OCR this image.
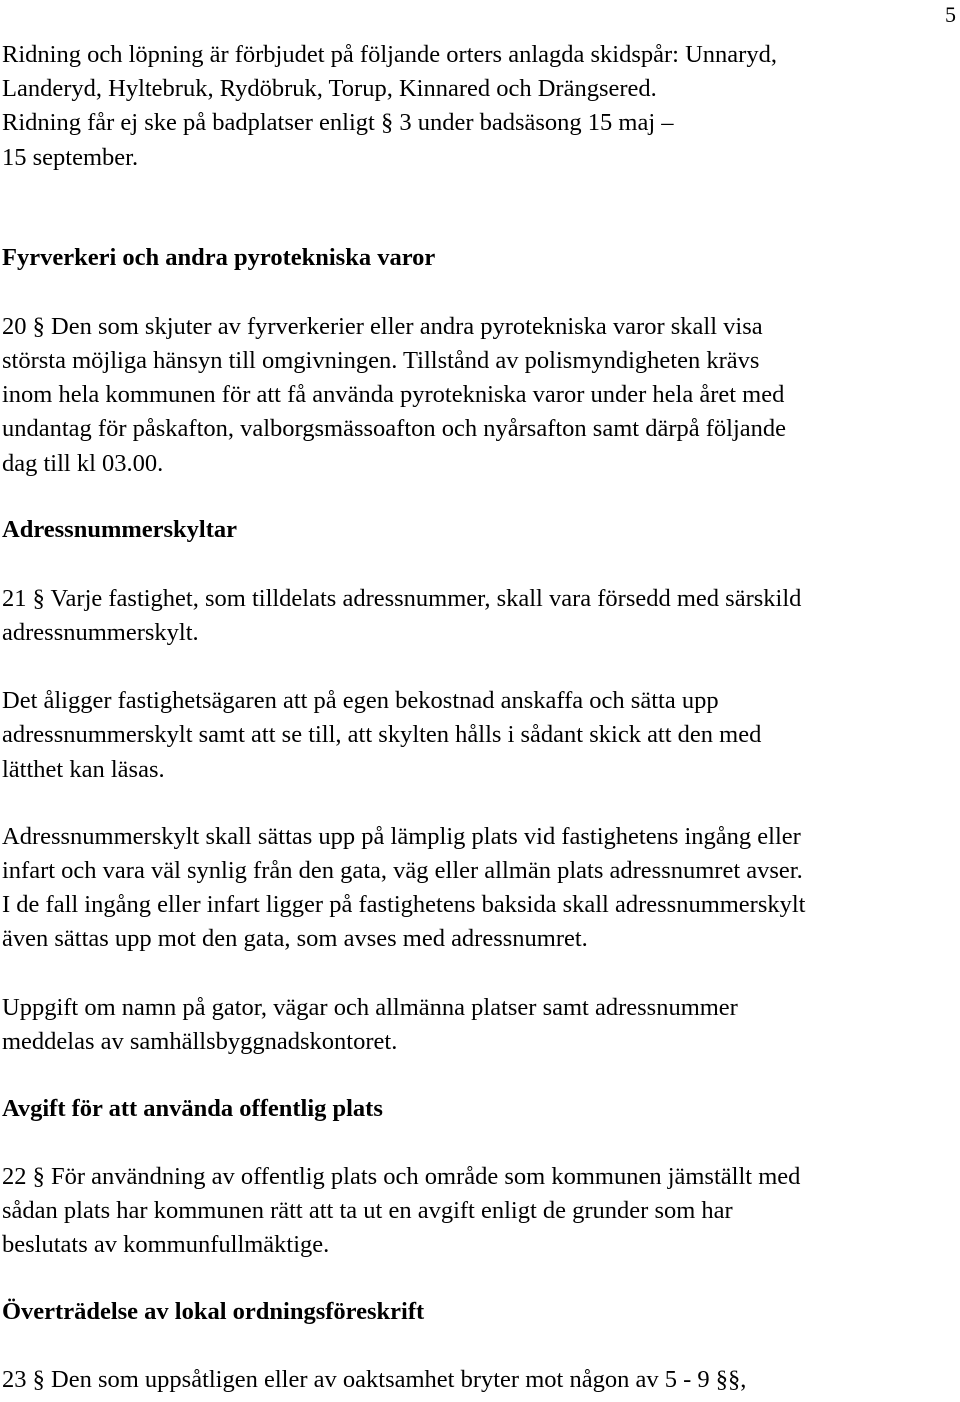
5

Ridning och löpning är förbjudet på följande orters anlagda skidspår: Unnaryd,
Landeryd, Hyltebruk, Rydöbruk, Torup, Kinnared och Drängsered.
Ridning får ej ske på badplatser enligt § 3 under badsäsong 15 maj –
15 september.

Fyrverkeri och andra pyrotekniska varor

20 § Den som skjuter av fyrverkerier eller andra pyrotekniska varor skall visa
största möjliga hänsyn till omgivningen. Tillstånd av polismyndigheten krävs
inom hela kommunen för att få använda pyrotekniska varor under hela året med
undantag för påskafton, valborgsmässoafton och nyårsafton samt därpå följande
dag till kl 03.00.

Adressnummerskyltar

21 § Varje fastighet, som tilldelats adressnummer, skall vara försedd med särskild
adressnummerskylt.

Det åligger fastighetsägaren att på egen bekostnad anskaffa och sätta upp
adressnummerskylt samt att se till, att skylten hålls i sådant skick att den med
lätthet kan läsas.

Adressnummerskylt skall sättas upp på lämplig plats vid fastighetens ingång eller
infart och vara väl synlig från den gata, väg eller allmän plats adressnumret avser.
I de fall ingång eller infart ligger på fastighetens baksida skall adressnummerskylt
även sättas upp mot den gata, som avses med adressnumret.

Uppgift om namn på gator, vägar och allmänna platser samt adressnummer
meddelas av samhällsbyggnadskontoret.

Avgift för att använda offentlig plats

22 § För användning av offentlig plats och område som kommunen jämställt med
sådan plats har kommunen rätt att ta ut en avgift enligt de grunder som har
beslutats av kommunfullmäktige.

Överträdelse av lokal ordningsföreskrift

23 § Den som uppsåtligen eller av oaktsamhet bryter mot någon av 5 - 9 §§,
